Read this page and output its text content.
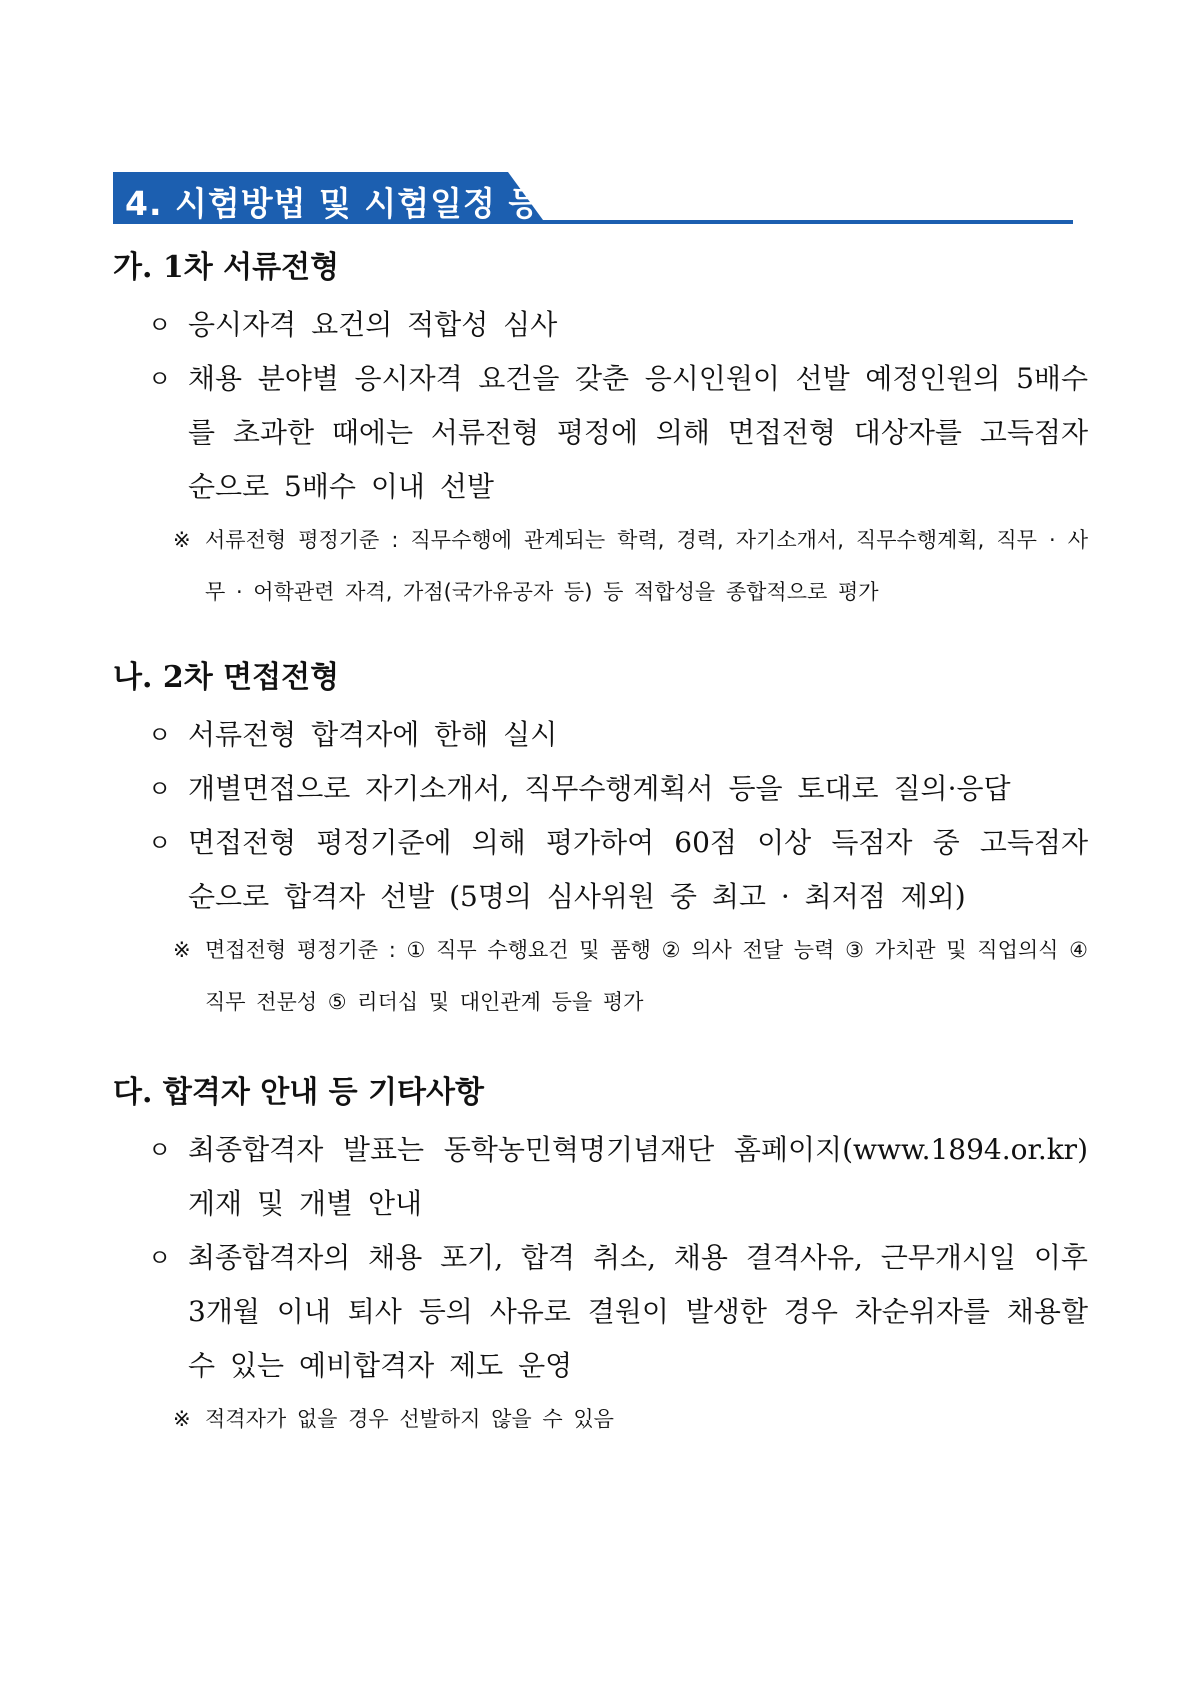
4. 시험방법 및 시험일정 등
가. 1차 서류전형
ㅇ 응시자격 요건의 적합성 심사
ㅇ 채용 분야별 응시자격 요건을 갖춘 응시인원이 선발 예정인원의 5배수를 초과한 때에는 서류전형 평정에 의해 면접전형 대상자를 고득점자 순으로 5배수 이내 선발
※ 서류전형 평정기준 : 직무수행에 관계되는 학력, 경력, 자기소개서, 직무수행계획, 직무 · 사무 · 어학관련 자격, 가점(국가유공자 등) 등 적합성을 종합적으로 평가
나. 2차 면접전형
ㅇ 서류전형 합격자에 한해 실시
ㅇ 개별면접으로 자기소개서, 직무수행계획서 등을 토대로 질의·응답
ㅇ 면접전형 평정기준에 의해 평가하여 60점 이상 득점자 중 고득점자 순으로 합격자 선발 (5명의 심사위원 중 최고 · 최저점 제외)
※ 면접전형 평정기준 : ① 직무 수행요건 및 품행 ② 의사 전달 능력 ③ 가치관 및 직업의식 ④ 직무 전문성 ⑤ 리더십 및 대인관계 등을 평가
다. 합격자 안내 등 기타사항
ㅇ 최종합격자 발표는 동학농민혁명기념재단 홈페이지(www.1894.or.kr) 게재 및 개별 안내
ㅇ 최종합격자의 채용 포기, 합격 취소, 채용 결격사유, 근무개시일 이후 3개월 이내 퇴사 등의 사유로 결원이 발생한 경우 차순위자를 채용할 수 있는 예비합격자 제도 운영
※ 적격자가 없을 경우 선발하지 않을 수 있음
